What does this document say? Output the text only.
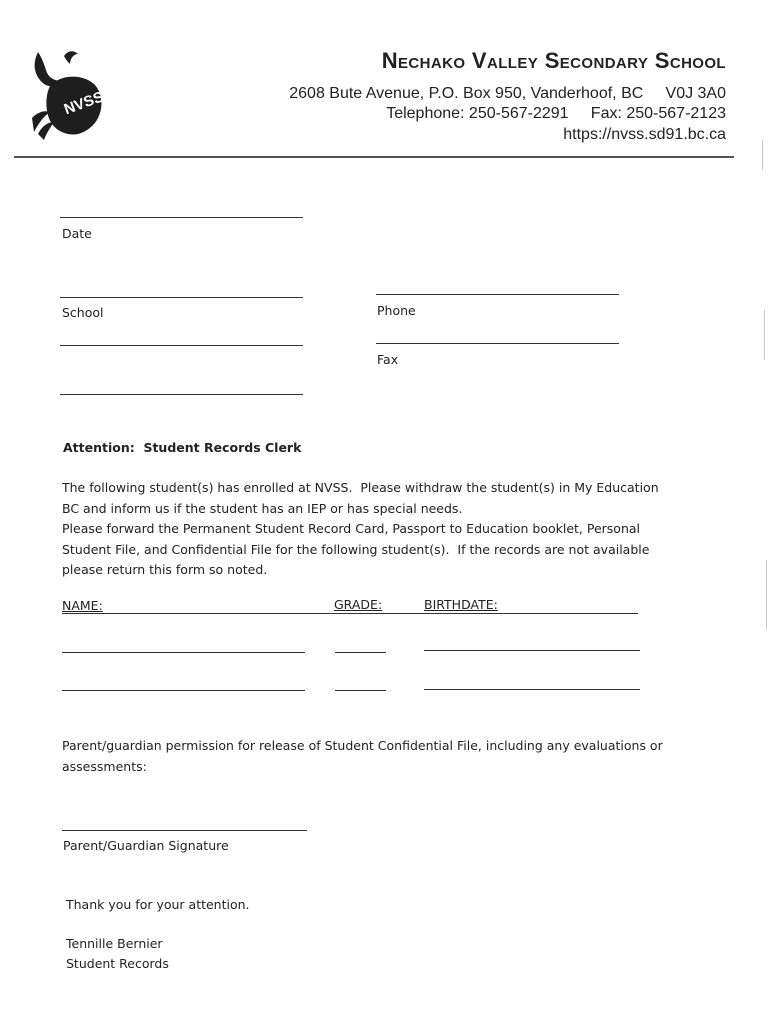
NVSS
Nechako Valley Secondary School
2608 Bute Avenue, P.O. Box 950, Vanderhoof, BC     V0J 3A0
Telephone: 250-567-2291     Fax: 250-567-2123
https://nvss.sd91.bc.ca
Date
School	Phone
Fax
Attention:  Student Records Clerk
The following student(s) has enrolled at NVSS.  Please withdraw the student(s) in My Education
BC and inform us if the student has an IEP or has special needs.
Please forward the Permanent Student Record Card, Passport to Education booklet, Personal
Student File, and Confidential File for the following student(s).  If the records are not available
please return this form so noted.
NAME:	GRADE:	BIRTHDATE:
Parent/guardian permission for release of Student Confidential File, including any evaluations or
assessments:
Parent/Guardian Signature
Thank you for your attention.
Tennille Bernier
Student Records
